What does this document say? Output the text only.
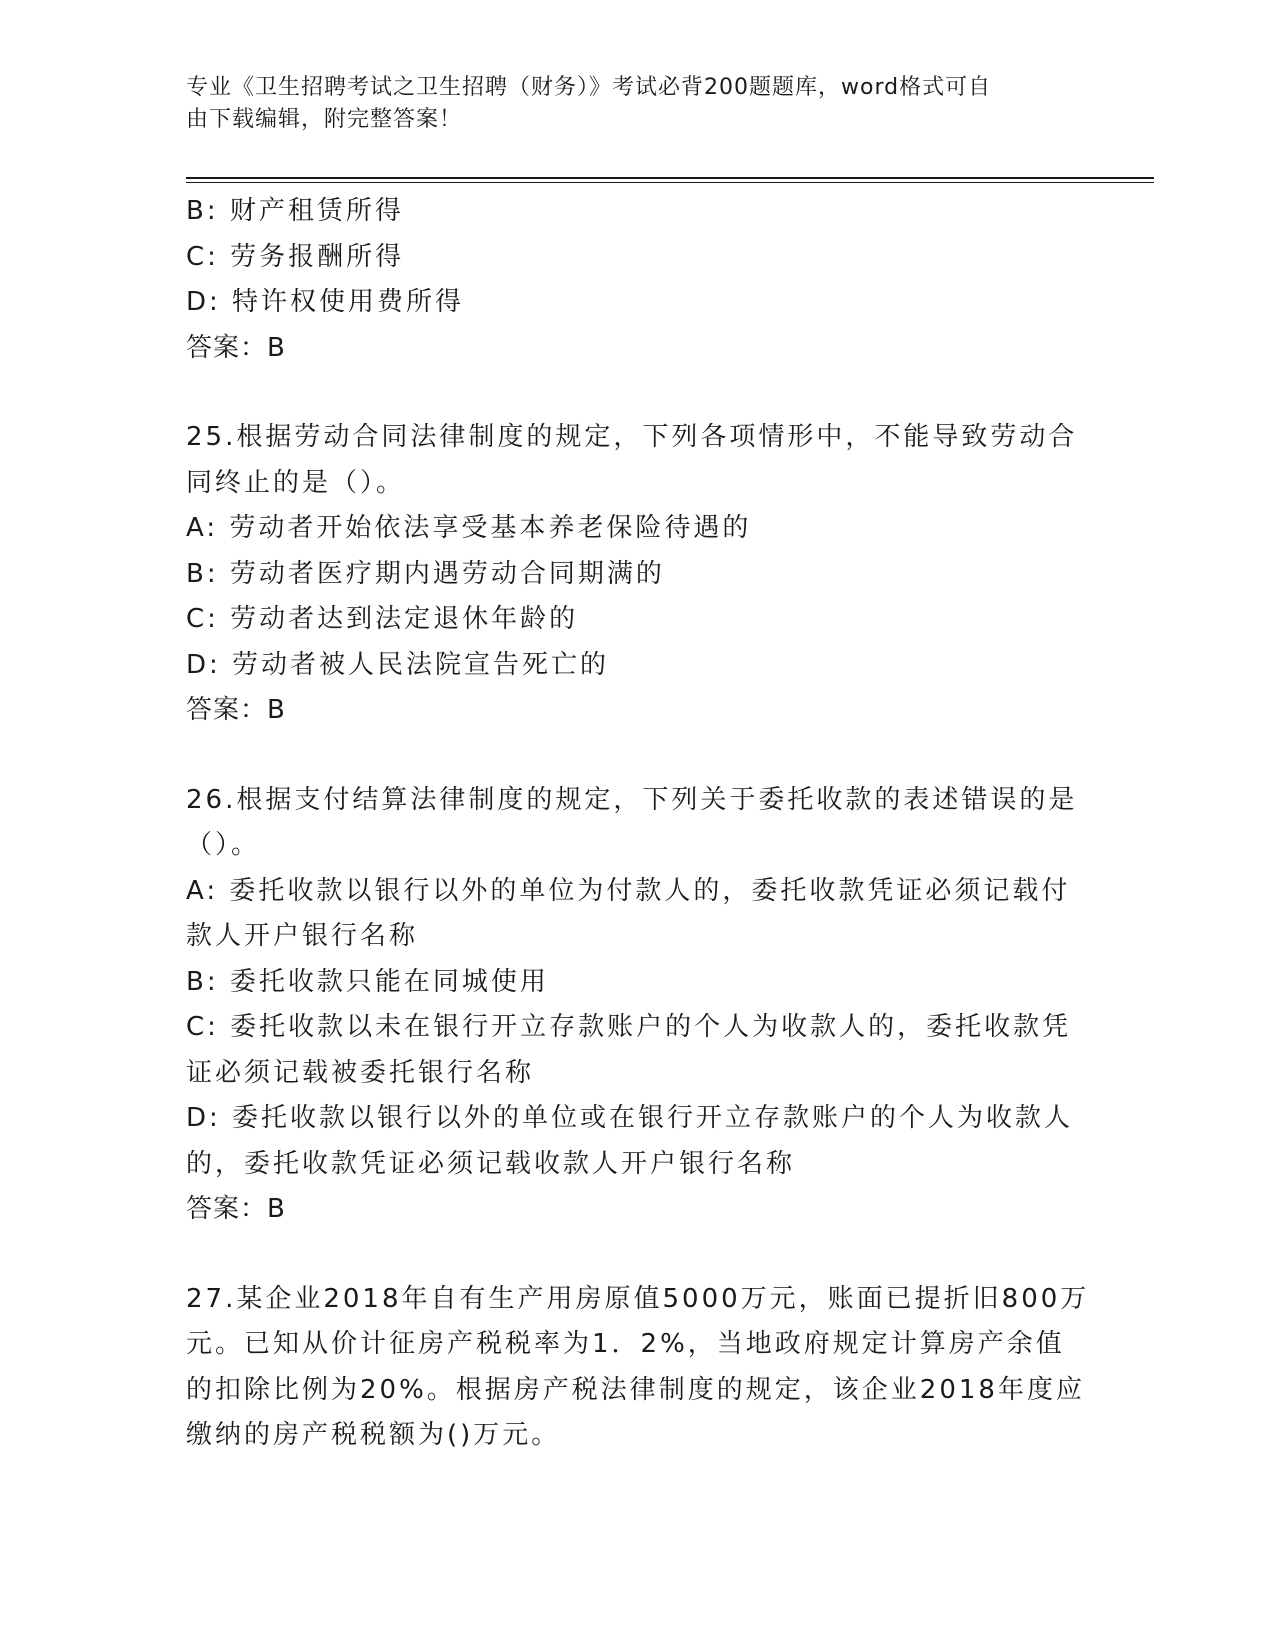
专业《卫生招聘考试之卫生招聘（财务）》考试必背200题题库，word格式可自
由下载编辑，附完整答案！

B: 财产租赁所得

C: 劳务报酬所得

D: 特许权使用费所得

答案：B

25.根据劳动合同法律制度的规定，下列各项情形中，不能导致劳动合

同终止的是（）。

A: 劳动者开始依法享受基本养老保险待遇的

B: 劳动者医疗期内遇劳动合同期满的

C: 劳动者达到法定退休年龄的

D: 劳动者被人民法院宣告死亡的

答案：B

26.根据支付结算法律制度的规定，下列关于委托收款的表述错误的是

（）。

A: 委托收款以银行以外的单位为付款人的，委托收款凭证必须记载付

款人开户银行名称

B: 委托收款只能在同城使用

C: 委托收款以未在银行开立存款账户的个人为收款人的，委托收款凭

证必须记载被委托银行名称

D: 委托收款以银行以外的单位或在银行开立存款账户的个人为收款人

的，委托收款凭证必须记载收款人开户银行名称

答案：B

27.某企业2018年自有生产用房原值5000万元，账面已提折旧800万

元。已知从价计征房产税税率为1．2%，当地政府规定计算房产余值

的扣除比例为20%。根据房产税法律制度的规定，该企业2018年度应

缴纳的房产税税额为()万元。
